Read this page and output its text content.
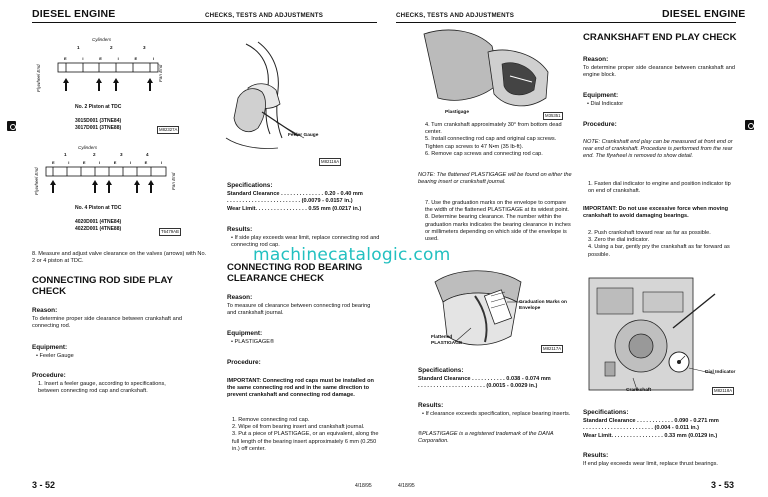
DIESEL ENGINE	CHECKS, TESTS AND ADJUSTMENTS
Cylinders
1	2	3
Flywheel End	Fan End
E	I	E	I	E	I
No. 2 Piston at TDC
3015D001 (3TNE84)
3017D001 (3TNE88)	M82327A
Cylinders
1	2	3	4
Flywheel End	Fan End
E	I	E	I	E	I	E	I
No. 4 Piston at TDC
4020D001 (4TNE84)
4022D001 (4TNE88)	T6479AB
Feeler Gauge
M82116A
8. Measure and adjust valve clearance on the valves (arrows) with No. 2 or 4 piston at TDC.
CONNECTING ROD SIDE PLAY CHECK
Reason:
To determine proper side clearance between crankshaft and connecting rod.
Equipment:
• Feeler Gauge
Procedure:
1. Insert a feeler gauge, according to specifications, between connecting rod cap and crankshaft.
Specifications:
Standard Clearance . . . . . . . . . . . . . . 0.20 - 0.40 mm
. . . . . . . . . . . . . . . . . . . . . . . . (0.0079 - 0.0157 in.)
Wear Limit. . . . . . . . . . . . . . . . . 0.55 mm (0.0217 in.)
Results:
• If side play exceeds wear limit, replace connecting rod and connecting rod cap.
CONNECTING ROD BEARING CLEARANCE CHECK
Reason:
To measure oil clearance between connecting rod bearing and crankshaft journal.
Equipment:
• PLASTIGAGE®
Procedure:
IMPORTANT: Connecting rod caps must be installed on the same connecting rod and in the same direction to prevent crankshaft and connecting rod damage.
1. Remove connecting rod cap.
2. Wipe oil from bearing insert and crankshaft journal.
3. Put a piece of PLASTIGAGE, or an equivalent, along the full length of the bearing insert approximately 6 mm (0.250 in.) off center.
3 - 52	4/18/95
CHECKS, TESTS AND ADJUSTMENTS	DIESEL ENGINE
Plastigage
M35351
4. Turn crankshaft approximately 30° from bottom dead center.
5. Install connecting rod cap and original cap screws. Tighten cap screws to 47 N•m (35 lb-ft).
6. Remove cap screws and connecting rod cap.
NOTE: The flattened PLASTIGAGE will be found on either the bearing insert or crankshaft journal.
7. Use the graduation marks on the envelope to compare the width of the flattened PLASTIGAGE at its widest point.
8. Determine bearing clearance. The number within the graduation marks indicates the bearing clearance in inches or millimeters depending on which side of the envelope is used.
machinecatalogic.com
Graduation Marks on Envelope
Flattened PLASTIGAGE
M82117A
Specifications:
Standard Clearance . . . . . . . . . . . 0.038 - 0.074 mm
. . . . . . . . . . . . . . . . . . . . . . (0.0015 - 0.0029 in.)
Results:
• If clearance exceeds specification, replace bearing inserts.
®PLASTIGAGE is a registered trademark of the DANA Corporation.
CRANKSHAFT END PLAY CHECK
Reason:
To determine proper side clearance between crankshaft and engine block.
Equipment:
• Dial Indicator
Procedure:
NOTE: Crankshaft end play can be measured at front end or rear end of crankshaft. Procedure is performed from the rear end. The flywheel is removed to show detail.
1. Fasten dial indicator to engine and position indicator tip on end of crankshaft.
IMPORTANT: Do not use excessive force when moving crankshaft to avoid damaging bearings.
2. Push crankshaft toward rear as far as possible.
3. Zero the dial indicator.
4. Using a bar, gently pry the crankshaft as far forward as possible.
Dial Indicator
Crankshaft	M82118A
Specifications:
Standard Clearance . . . . . . . . . . . . 0.090 - 0.271 mm
. . . . . . . . . . . . . . . . . . . . . . . (0.004 - 0.011 in.)
Wear Limit. . . . . . . . . . . . . . . . . 0.33 mm (0.0129 in.)
Results:
If end play exceeds wear limit, replace thrust bearings.
4/18/95	3 - 53
